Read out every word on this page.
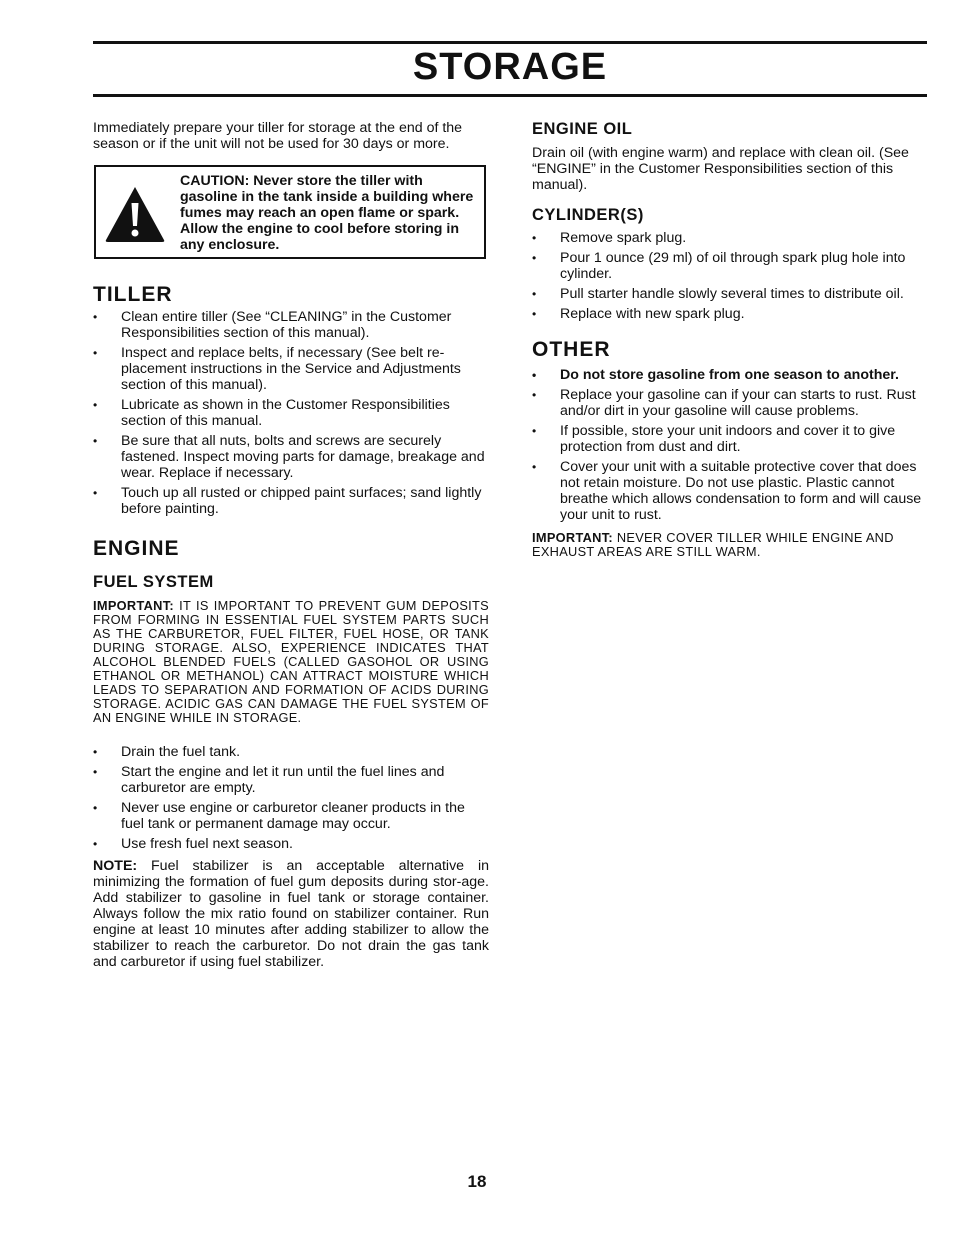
STORAGE

Immediately prepare your tiller for storage at the end of the season or if the unit will not be used for 30 days or more.

CAUTION: Never store the tiller with gasoline in the tank inside a building where fumes may reach an open flame or spark. Allow the engine to cool before storing in any enclosure.
TILLER
• Clean entire tiller (See “CLEANING” in the Customer Responsibilities section of this manual).
• Inspect and replace belts, if necessary (See belt re-placement instructions in the Service and Adjustments section of this manual).
• Lubricate as shown in the Customer Responsibilities section of this manual.
• Be sure that all nuts, bolts and screws are securely fastened. Inspect moving parts for damage, breakage and wear. Replace if necessary.
• Touch up all rusted or chipped paint surfaces; sand lightly before painting.
ENGINE
FUEL SYSTEM

IMPORTANT: IT IS IMPORTANT TO PREVENT GUM DEPOSITS FROM FORMING IN ESSENTIAL FUEL SYSTEM PARTS SUCH AS THE CARBURETOR, FUEL FILTER, FUEL HOSE, OR TANK DURING STORAGE. ALSO, EXPERIENCE INDICATES THAT ALCOHOL BLENDED FUELS (CALLED GASOHOL OR USING ETHANOL OR METHANOL) CAN ATTRACT MOISTURE WHICH LEADS TO SEPARATION AND FORMATION OF ACIDS DURING STORAGE. ACIDIC GAS CAN DAMAGE THE FUEL SYSTEM OF AN ENGINE WHILE IN STORAGE.

• Drain the fuel tank.
• Start the engine and let it run until the fuel lines and carburetor are empty.
• Never use engine or carburetor cleaner products in the fuel tank or permanent damage may occur.
• Use fresh fuel next season.

NOTE: Fuel stabilizer is an acceptable alternative in minimizing the formation of fuel gum deposits during stor-age. Add stabilizer to gasoline in fuel tank or storage container. Always follow the mix ratio found on stabilizer container. Run engine at least 10 minutes after adding stabilizer to allow the stabilizer to reach the carburetor. Do not drain the gas tank and carburetor if using fuel stabilizer.

ENGINE OIL

Drain oil (with engine warm) and replace with clean oil. (See “ENGINE” in the Customer Responsibilities section of this manual).

CYLINDER(S)
• Remove spark plug.
• Pour 1 ounce (29 ml) of oil through spark plug hole into cylinder.
• Pull starter handle slowly several times to distribute oil.
• Replace with new spark plug.
OTHER
• Do not store gasoline from one season to another.
• Replace your gasoline can if your can starts to rust. Rust and/or dirt in your gasoline will cause problems.
• If possible, store your unit indoors and cover it to give protection from dust and dirt.
• Cover your unit with a suitable protective cover that does not retain moisture. Do not use plastic. Plastic cannot breathe which allows condensation to form and will cause your unit to rust.

IMPORTANT: NEVER COVER TILLER WHILE ENGINE AND EXHAUST AREAS ARE STILL WARM.

18
